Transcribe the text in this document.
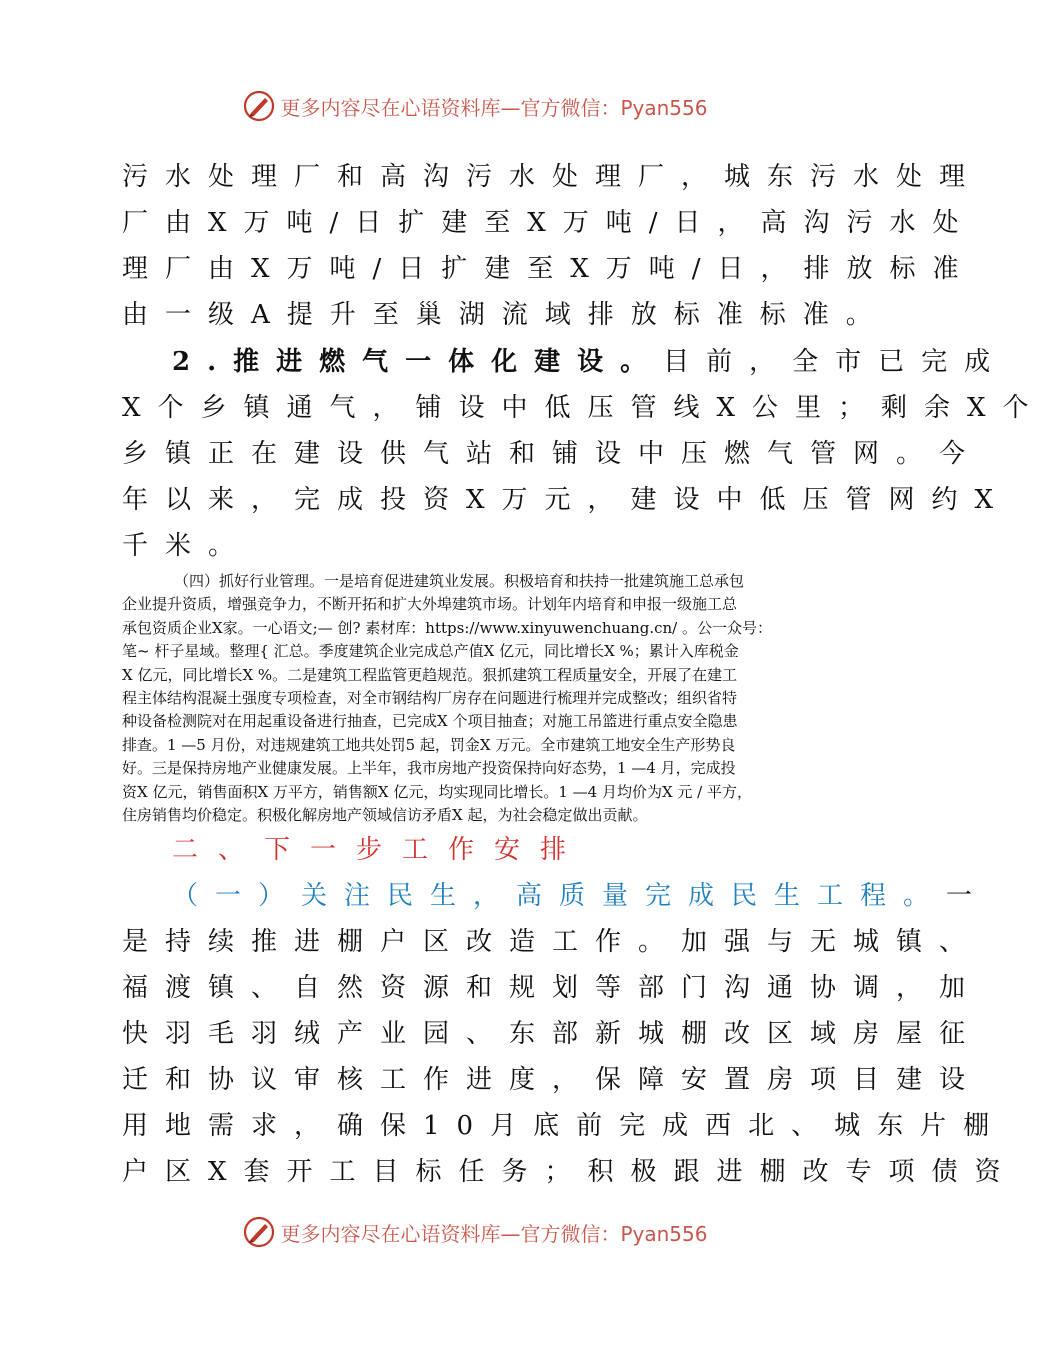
更多内容尽在心语资料库—官方微信：Pyan556
污水处理厂和高沟污水处理厂，城东污水处理
厂由X万吨/日扩建至X万吨/日，高沟污水处
理厂由X万吨/日扩建至X万吨/日，排放标准
由一级A提升至巢湖流域排放标准标准。
2.推进燃气一体化建设。目前，全市已完成
X个乡镇通气，铺设中低压管线X公里；剩余X个
乡镇正在建设供气站和铺设中压燃气管网。今
年以来，完成投资X万元，建设中低压管网约X
千米。
（四）抓好行业管理。一是培育促进建筑业发展。积极培育和扶持一批建筑施工总承包
企业提升资质，增强竞争力，不断开拓和扩大外埠建筑市场。计划年内培育和申报一级施工总
承包资质企业X家。一心语文;— 创? 素材库：https://www.xinyuwenchuang.cn/ 。公一众号：
笔~ 杆子星域。整理{ 汇总。季度建筑企业完成总产值X 亿元，同比增长X %；累计入库税金
X 亿元，同比增长X %。二是建筑工程监管更趋规范。狠抓建筑工程质量安全，开展了在建工
程主体结构混凝土强度专项检查，对全市钢结构厂房存在问题进行梳理并完成整改；组织省特
种设备检测院对在用起重设备进行抽查，已完成X 个项目抽查；对施工吊篮进行重点安全隐患
排查。1 —5 月份，对违规建筑工地共处罚5 起，罚金X 万元。全市建筑工地安全生产形势良
好。三是保持房地产业健康发展。上半年，我市房地产投资保持向好态势，1 —4 月，完成投
资X 亿元，销售面积X 万平方，销售额X 亿元，均实现同比增长。1 —4 月均价为X 元 / 平方，
住房销售均价稳定。积极化解房地产领域信访矛盾X 起，为社会稳定做出贡献。
二、下一步工作安排
（一）关注民生，高质量完成民生工程。一
是持续推进棚户区改造工作。加强与无城镇、
福渡镇、自然资源和规划等部门沟通协调，加
快羽毛羽绒产业园、东部新城棚改区域房屋征
迁和协议审核工作进度，保障安置房项目建设
用地需求，确保10月底前完成西北、城东片棚
户区X套开工目标任务；积极跟进棚改专项债资
更多内容尽在心语资料库—官方微信：Pyan556
